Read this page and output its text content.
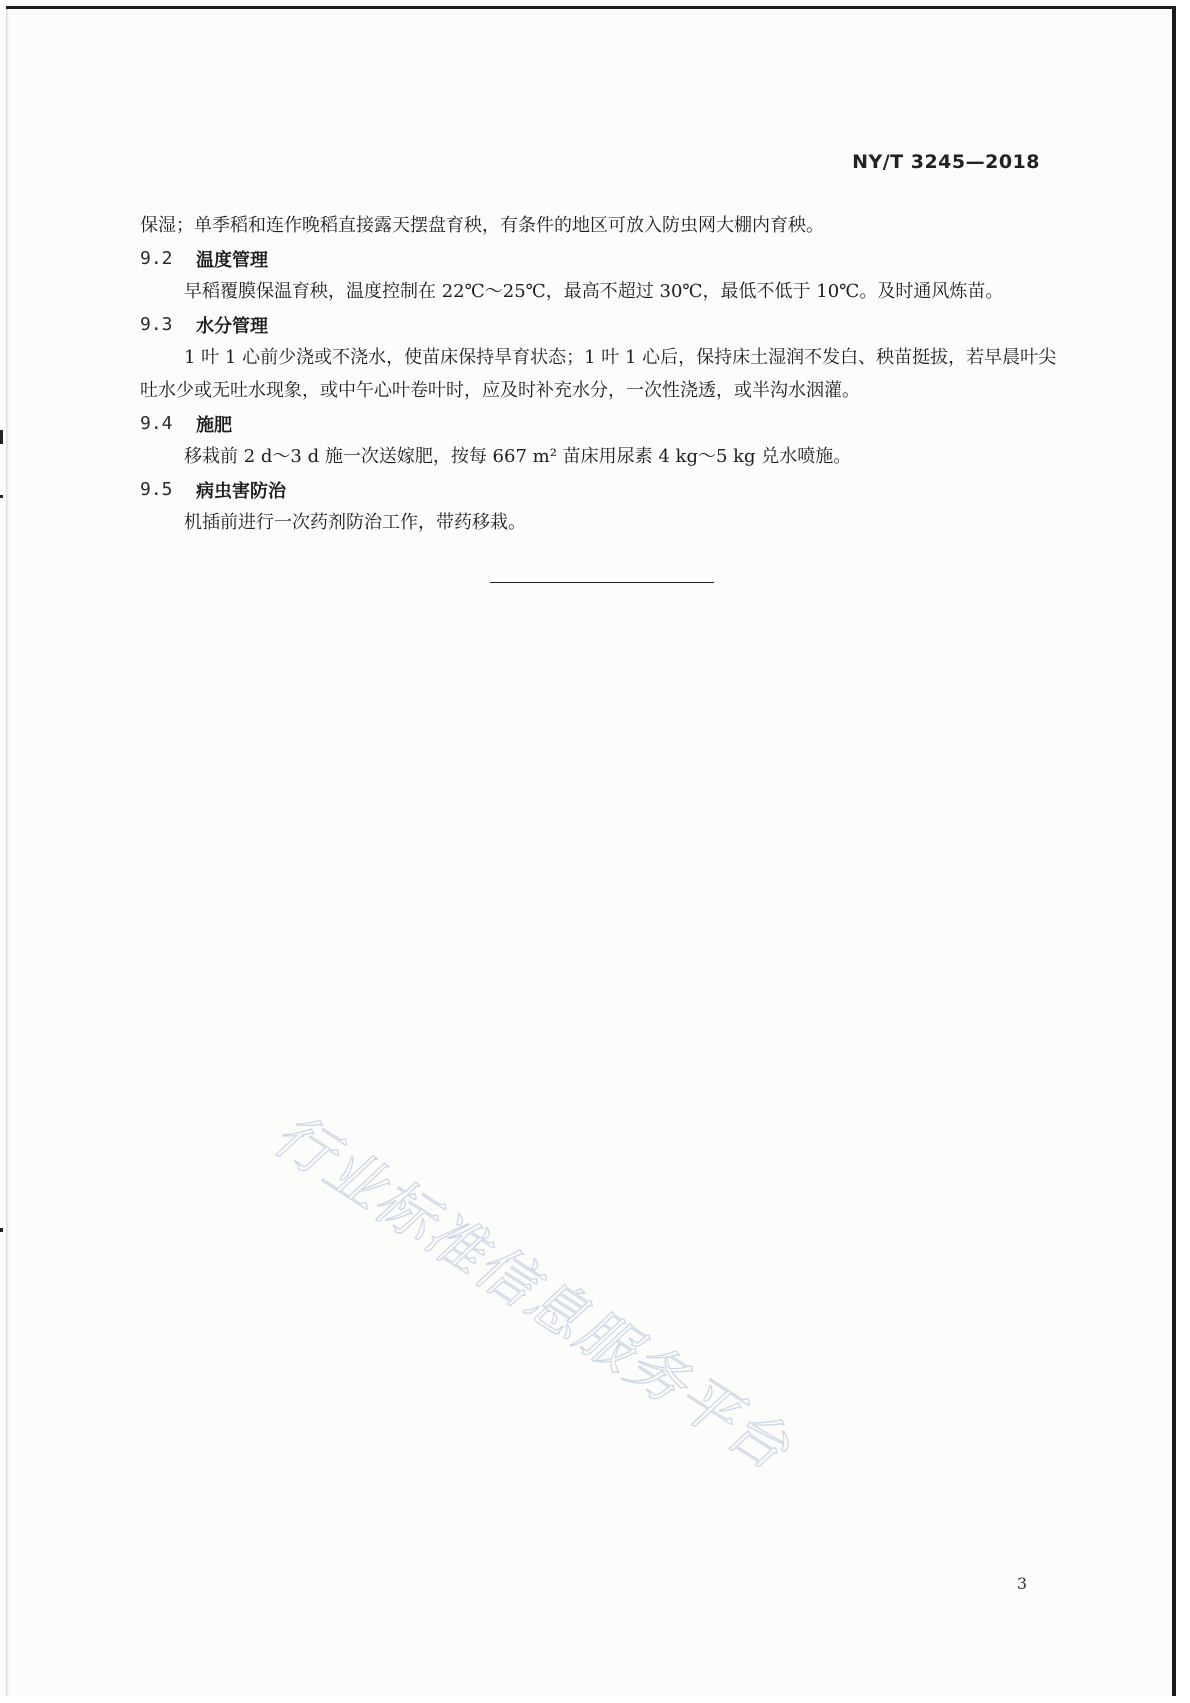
NY/T 3245—2018

保湿；单季稻和连作晚稻直接露天摆盘育秧，有条件的地区可放入防虫网大棚内育秧。

9.2	温度管理

早稻覆膜保温育秧，温度控制在 22℃～25℃，最高不超过 30℃，最低不低于 10℃。及时通风炼苗。

9.3	水分管理

1 叶 1 心前少浇或不浇水，使苗床保持旱育状态；1 叶 1 心后，保持床土湿润不发白、秧苗挺拔，若早晨叶尖吐水少或无吐水现象，或中午心叶卷叶时，应及时补充水分，一次性浇透，或半沟水洇灌。

9.4	施肥

移栽前 2 d～3 d 施一次送嫁肥，按每 667 m² 苗床用尿素 4 kg～5 kg 兑水喷施。

9.5	病虫害防治

机插前进行一次药剂防治工作，带药移栽。

行业标准信息服务平台
3
